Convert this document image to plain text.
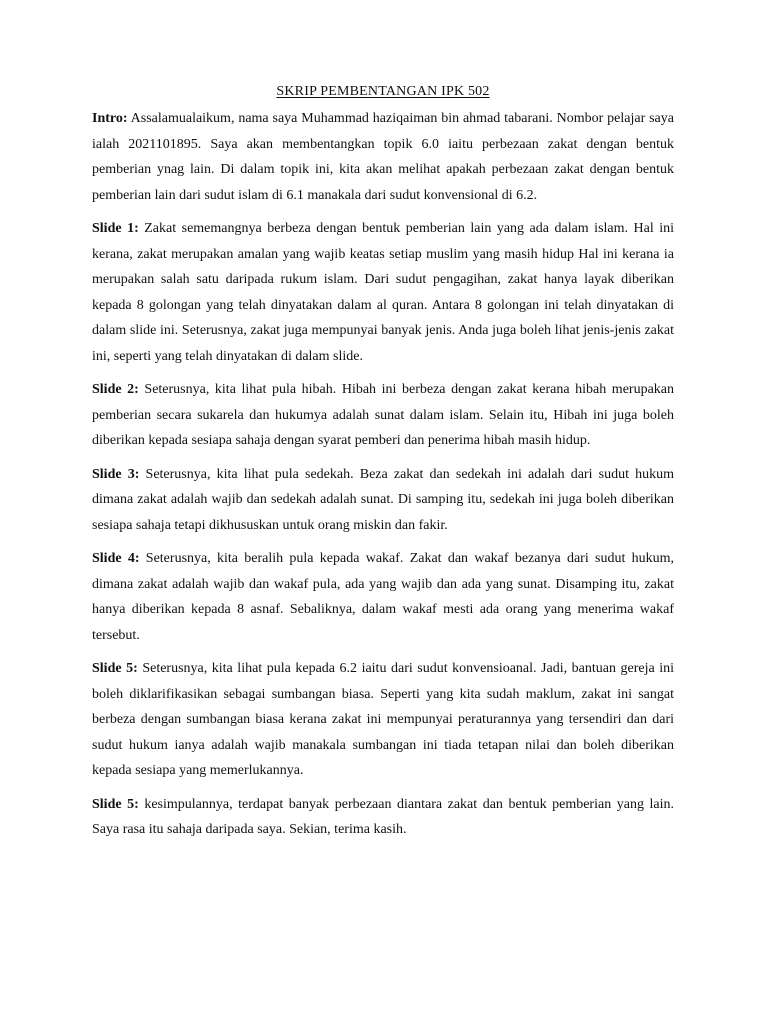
SKRIP PEMBENTANGAN IPK 502

Intro: Assalamualaikum, nama saya Muhammad haziqaiman bin ahmad tabarani. Nombor pelajar saya ialah 2021101895. Saya akan membentangkan topik 6.0 iaitu perbezaan zakat dengan bentuk pemberian ynag lain. Di dalam topik ini, kita akan melihat apakah perbezaan zakat dengan bentuk pemberian lain dari sudut islam di 6.1 manakala dari sudut konvensional di 6.2.

Slide 1: Zakat sememangnya berbeza dengan bentuk pemberian lain yang ada dalam islam. Hal ini kerana, zakat merupakan amalan yang wajib keatas setiap muslim yang masih hidup Hal ini kerana ia merupakan salah satu daripada rukum islam. Dari sudut pengagihan, zakat hanya layak diberikan kepada 8 golongan yang telah dinyatakan dalam al quran. Antara 8 golongan ini telah dinyatakan di dalam slide ini. Seterusnya, zakat juga mempunyai banyak jenis. Anda juga boleh lihat jenis-jenis zakat ini, seperti yang telah dinyatakan di dalam slide.

Slide 2: Seterusnya, kita lihat pula hibah. Hibah ini berbeza dengan zakat kerana hibah merupakan pemberian secara sukarela dan hukumya adalah sunat dalam islam. Selain itu, Hibah ini juga boleh diberikan kepada sesiapa sahaja dengan syarat pemberi dan penerima hibah masih hidup.

Slide 3: Seterusnya, kita lihat pula sedekah. Beza zakat dan sedekah ini adalah dari sudut hukum dimana zakat adalah wajib dan sedekah adalah sunat. Di samping itu, sedekah ini juga boleh diberikan sesiapa sahaja tetapi dikhususkan untuk orang miskin dan fakir.

Slide 4: Seterusnya, kita beralih pula kepada wakaf. Zakat dan wakaf bezanya dari sudut hukum, dimana zakat adalah wajib dan wakaf pula, ada yang wajib dan ada yang sunat. Disamping itu, zakat hanya diberikan kepada 8 asnaf. Sebaliknya, dalam wakaf mesti ada orang yang menerima wakaf tersebut.

Slide 5: Seterusnya, kita lihat pula kepada 6.2 iaitu dari sudut konvensioanal. Jadi, bantuan gereja ini boleh diklarifikasikan sebagai sumbangan biasa. Seperti yang kita sudah maklum, zakat ini sangat berbeza dengan sumbangan biasa kerana zakat ini mempunyai peraturannya yang tersendiri dan dari sudut hukum ianya adalah wajib manakala sumbangan ini tiada tetapan nilai dan boleh diberikan kepada sesiapa yang memerlukannya.

Slide 5: kesimpulannya, terdapat banyak perbezaan diantara zakat dan bentuk pemberian yang lain. Saya rasa itu sahaja daripada saya. Sekian, terima kasih.
